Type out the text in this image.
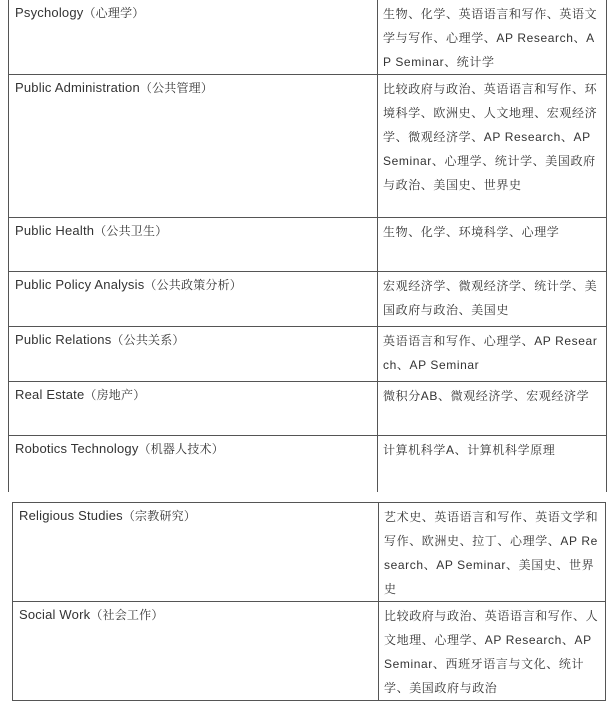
Psychology（心理学）	生物、化学、英语语言和写作、英语文学与写作、心理学、AP Research、AP Seminar、统计学
Public Administration（公共管理）	比较政府与政治、英语语言和写作、环境科学、欧洲史、人文地理、宏观经济学、微观经济学、AP Research、AP Seminar、心理学、统计学、美国政府与政治、美国史、世界史
Public Health（公共卫生）	生物、化学、环境科学、心理学
Public Policy Analysis（公共政策分析）	宏观经济学、微观经济学、统计学、美国政府与政治、美国史
Public Relations（公共关系）	英语语言和写作、心理学、AP Research、AP Seminar
Real Estate（房地产）	微积分AB、微观经济学、宏观经济学
Robotics Technology（机器人技术）	计算机科学A、计算机科学原理
Religious Studies（宗教研究）	艺术史、英语语言和写作、英语文学和写作、欧洲史、拉丁、心理学、AP Research、AP Seminar、美国史、世界史
Social Work（社会工作）	比较政府与政治、英语语言和写作、人文地理、心理学、AP Research、AP Seminar、西班牙语言与文化、统计学、美国政府与政治
